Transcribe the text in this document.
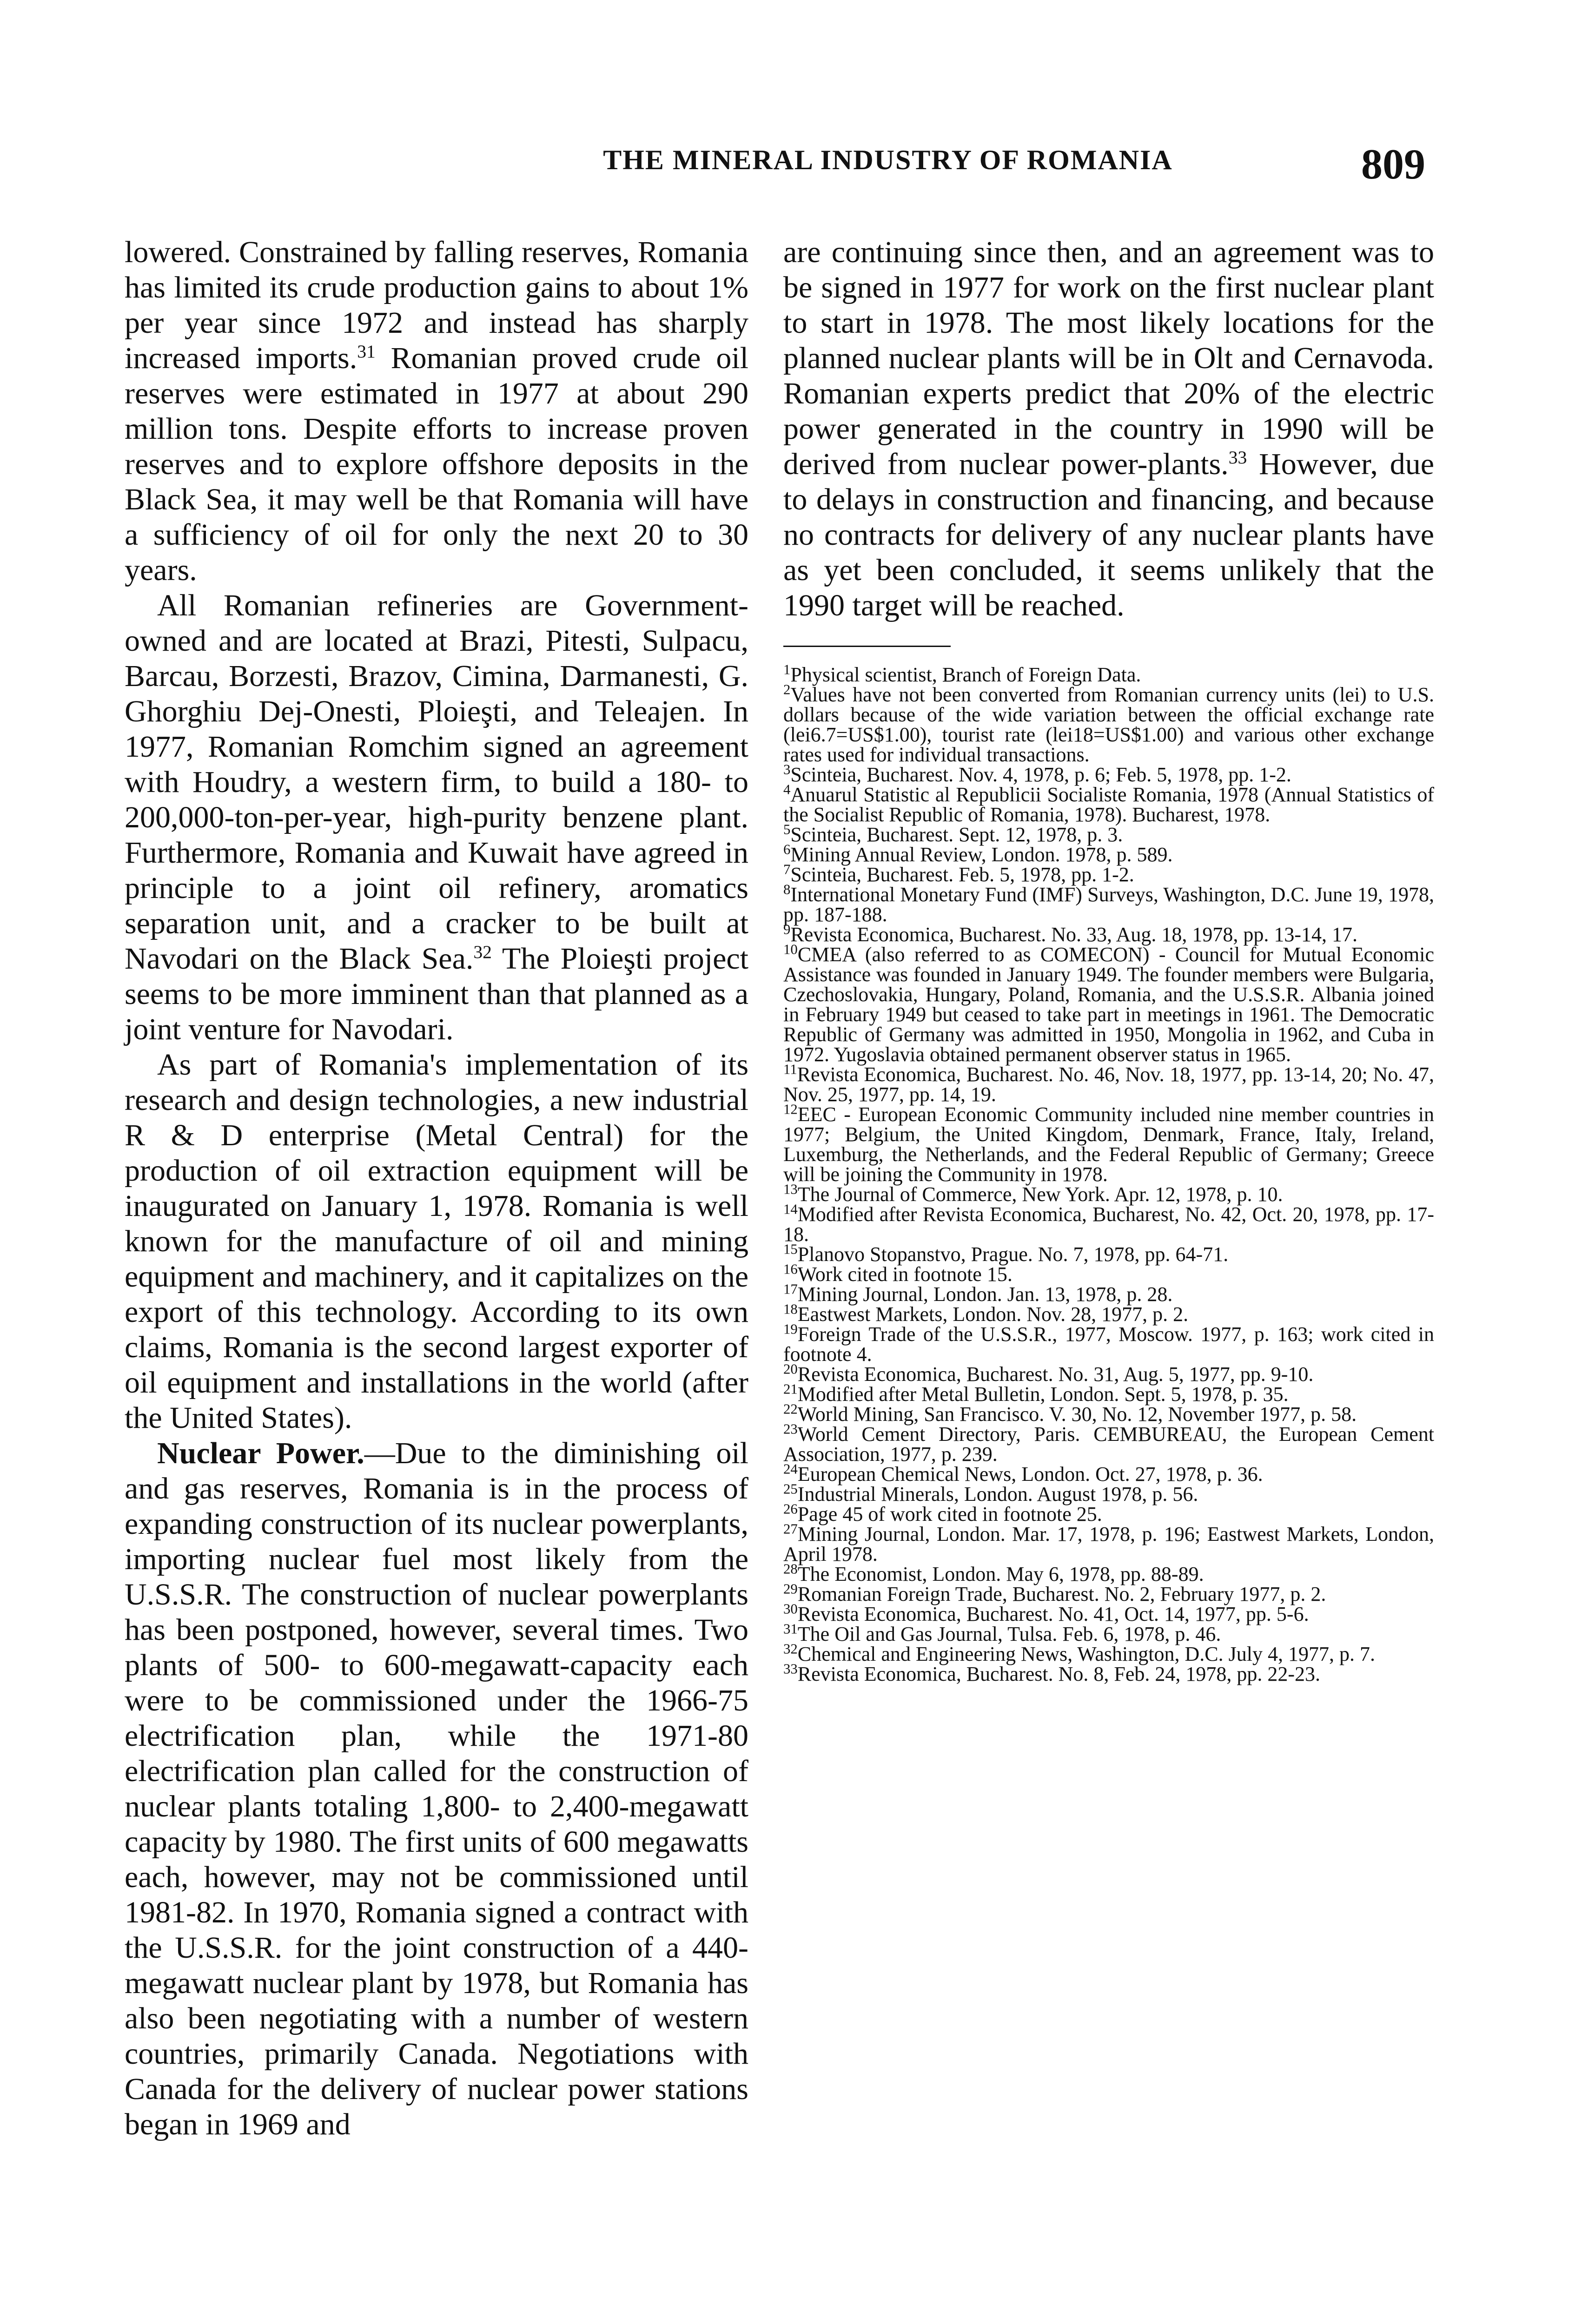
THE MINERAL INDUSTRY OF ROMANIA	809

lowered. Constrained by falling reserves, Romania has limited its crude production gains to about 1% per year since 1972 and instead has sharply increased imports.$^{31}$ Romanian proved crude oil reserves were estimated in 1977 at about 290 million tons. Despite efforts to increase proven reserves and to explore offshore deposits in the Black Sea, it may well be that Romania will have a sufficiency of oil for only the next 20 to 30 years.

All Romanian refineries are Government-owned and are located at Brazi, Pitesti, Sulpacu, Barcau, Borzesti, Brazov, Cimina, Darmanesti, G. Ghorghiu Dej-Onesti, Ploieşti, and Teleajen. In 1977, Romanian Romchim signed an agreement with Houdry, a western firm, to build a 180- to 200,000-ton-per-year, high-purity benzene plant. Furthermore, Romania and Kuwait have agreed in principle to a joint oil refinery, aromatics separation unit, and a cracker to be built at Navodari on the Black Sea.$^{32}$ The Ploieşti project seems to be more imminent than that planned as a joint venture for Navodari.

As part of Romania's implementation of its research and design technologies, a new industrial R & D enterprise (Metal Central) for the production of oil extraction equipment will be inaugurated on January 1, 1978. Romania is well known for the manufacture of oil and mining equipment and machinery, and it capitalizes on the export of this technology. According to its own claims, Romania is the second largest exporter of oil equipment and installations in the world (after the United States).

Nuclear Power.—Due to the diminishing oil and gas reserves, Romania is in the process of expanding construction of its nuclear powerplants, importing nuclear fuel most likely from the U.S.S.R. The construction of nuclear powerplants has been postponed, however, several times. Two plants of 500- to 600-megawatt-capacity each were to be commissioned under the 1966-75 electrification plan, while the 1971-80 electrification plan called for the construction of nuclear plants totaling 1,800- to 2,400-megawatt capacity by 1980. The first units of 600 megawatts each, however, may not be commissioned until 1981-82. In 1970, Romania signed a contract with the U.S.S.R. for the joint construction of a 440-megawatt nuclear plant by 1978, but Romania has also been negotiating with a number of western countries, primarily Canada. Negotiations with Canada for the delivery of nuclear power stations began in 1969 and

are continuing since then, and an agreement was to be signed in 1977 for work on the first nuclear plant to start in 1978. The most likely locations for the planned nuclear plants will be in Olt and Cernavoda. Romanian experts predict that 20% of the electric power generated in the country in 1990 will be derived from nuclear power-plants.$^{33}$ However, due to delays in construction and financing, and because no contracts for delivery of any nuclear plants have as yet been concluded, it seems unlikely that the 1990 target will be reached.

$^1$Physical scientist, Branch of Foreign Data.

$^2$Values have not been converted from Romanian currency units (lei) to U.S. dollars because of the wide variation between the official exchange rate (lei6.7=US$1.00), tourist rate (lei18=US$1.00) and various other exchange rates used for individual transactions.

$^3$Scinteia, Bucharest. Nov. 4, 1978, p. 6; Feb. 5, 1978, pp. 1-2.

$^4$Anuarul Statistic al Republicii Socialiste Romania, 1978 (Annual Statistics of the Socialist Republic of Romania, 1978). Bucharest, 1978.

$^5$Scinteia, Bucharest. Sept. 12, 1978, p. 3.

$^6$Mining Annual Review, London. 1978, p. 589.

$^7$Scinteia, Bucharest. Feb. 5, 1978, pp. 1-2.

$^8$International Monetary Fund (IMF) Surveys, Washington, D.C. June 19, 1978, pp. 187-188.

$^9$Revista Economica, Bucharest. No. 33, Aug. 18, 1978, pp. 13-14, 17.

$^{10}$CMEA (also referred to as COMECON) - Council for Mutual Economic Assistance was founded in January 1949. The founder members were Bulgaria, Czechoslovakia, Hungary, Poland, Romania, and the U.S.S.R. Albania joined in February 1949 but ceased to take part in meetings in 1961. The Democratic Republic of Germany was admitted in 1950, Mongolia in 1962, and Cuba in 1972. Yugoslavia obtained permanent observer status in 1965.

$^{11}$Revista Economica, Bucharest. No. 46, Nov. 18, 1977, pp. 13-14, 20; No. 47, Nov. 25, 1977, pp. 14, 19.

$^{12}$EEC - European Economic Community included nine member countries in 1977; Belgium, the United Kingdom, Denmark, France, Italy, Ireland, Luxemburg, the Netherlands, and the Federal Republic of Germany; Greece will be joining the Community in 1978.

$^{13}$The Journal of Commerce, New York. Apr. 12, 1978, p. 10.

$^{14}$Modified after Revista Economica, Bucharest, No. 42, Oct. 20, 1978, pp. 17-18.

$^{15}$Planovo Stopanstvo, Prague. No. 7, 1978, pp. 64-71.

$^{16}$Work cited in footnote 15.

$^{17}$Mining Journal, London. Jan. 13, 1978, p. 28.

$^{18}$Eastwest Markets, London. Nov. 28, 1977, p. 2.

$^{19}$Foreign Trade of the U.S.S.R., 1977, Moscow. 1977, p. 163; work cited in footnote 4.

$^{20}$Revista Economica, Bucharest. No. 31, Aug. 5, 1977, pp. 9-10.

$^{21}$Modified after Metal Bulletin, London. Sept. 5, 1978, p. 35.

$^{22}$World Mining, San Francisco. V. 30, No. 12, November 1977, p. 58.

$^{23}$World Cement Directory, Paris. CEMBUREAU, the European Cement Association, 1977, p. 239.

$^{24}$European Chemical News, London. Oct. 27, 1978, p. 36.

$^{25}$Industrial Minerals, London. August 1978, p. 56.

$^{26}$Page 45 of work cited in footnote 25.

$^{27}$Mining Journal, London. Mar. 17, 1978, p. 196; Eastwest Markets, London, April 1978.

$^{28}$The Economist, London. May 6, 1978, pp. 88-89.

$^{29}$Romanian Foreign Trade, Bucharest. No. 2, February 1977, p. 2.

$^{30}$Revista Economica, Bucharest. No. 41, Oct. 14, 1977, pp. 5-6.

$^{31}$The Oil and Gas Journal, Tulsa. Feb. 6, 1978, p. 46.

$^{32}$Chemical and Engineering News, Washington, D.C. July 4, 1977, p. 7.

$^{33}$Revista Economica, Bucharest. No. 8, Feb. 24, 1978, pp. 22-23.
